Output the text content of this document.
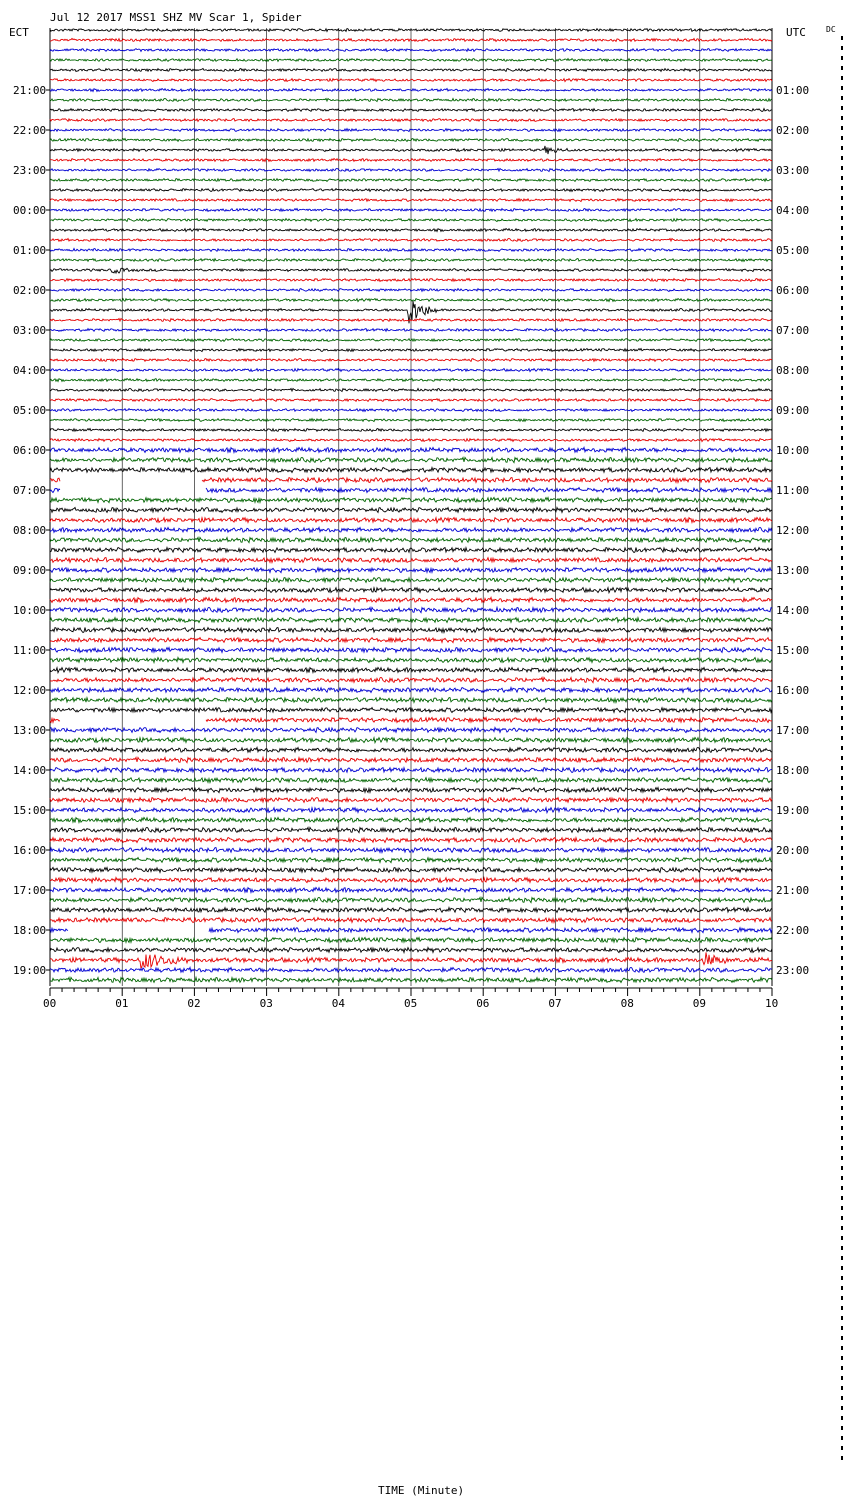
Jul 12 2017 MSS1 SHZ MV Scar 1, Spider
ECT	UTC	DC
21:00
22:00
23:00
00:00
01:00
02:00
03:00
04:00
05:00
06:00
07:00
08:00
09:00
10:00
11:00
12:00
13:00
14:00
15:00
16:00
17:00
18:00
19:00
01:00
02:00
03:00
04:00
05:00
06:00
07:00
08:00
09:00
10:00
11:00
12:00
13:00
14:00
15:00
16:00
17:00
18:00
19:00
20:00
21:00
22:00
23:00
00	01	02	03	04	05	06	07	08	09	10
TIME (Minute)
